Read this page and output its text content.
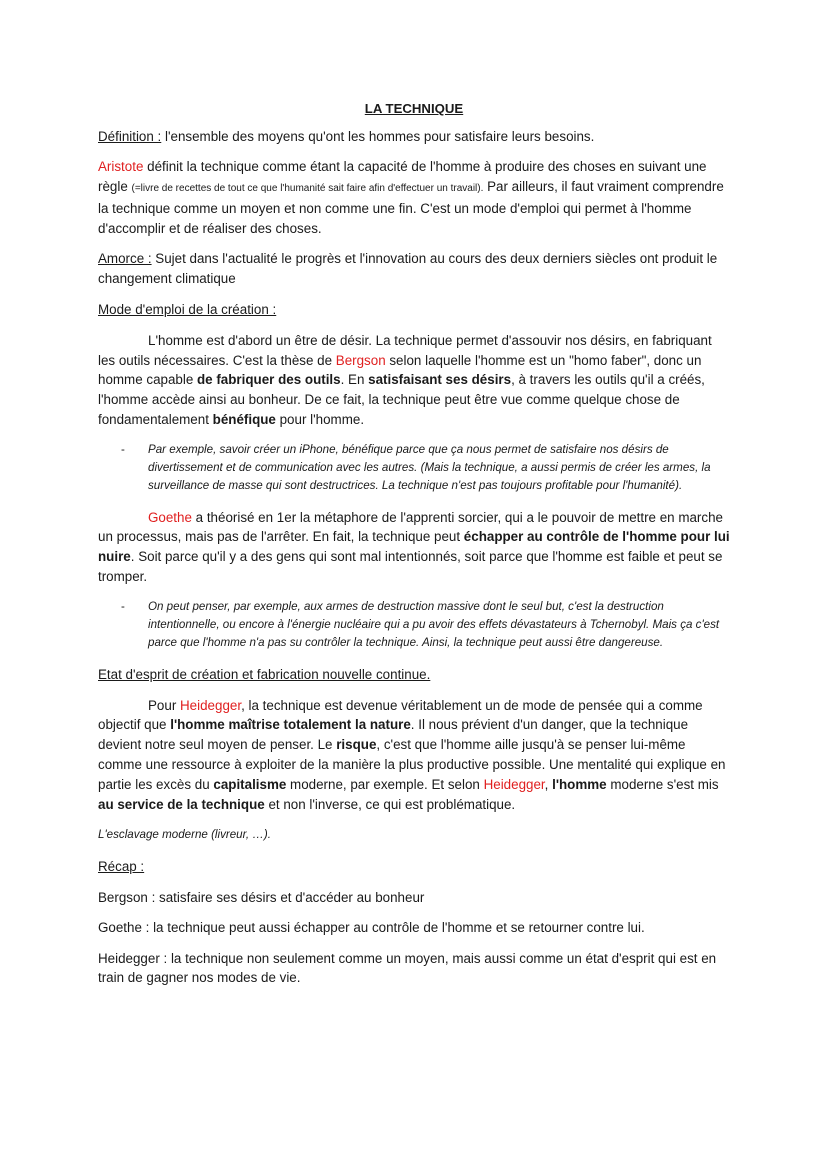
LA TECHNIQUE

Définition : l'ensemble des moyens qu'ont les hommes pour satisfaire leurs besoins.

Aristote définit la technique comme étant la capacité de l'homme à produire des choses en suivant une règle (=livre de recettes de tout ce que l'humanité sait faire afin d'effectuer un travail). Par ailleurs, il faut vraiment comprendre la technique comme un moyen et non comme une fin. C'est un mode d'emploi qui permet à l'homme d'accomplir et de réaliser des choses.

Amorce : Sujet dans l'actualité le progrès et l'innovation au cours des deux derniers siècles ont produit le changement climatique

Mode d'emploi de la création :

L'homme est d'abord un être de désir. La technique permet d'assouvir nos désirs, en fabriquant les outils nécessaires. C'est la thèse de Bergson selon laquelle l'homme est un "homo faber", donc un homme capable de fabriquer des outils. En satisfaisant ses désirs, à travers les outils qu'il a créés, l'homme accède ainsi au bonheur. De ce fait, la technique peut être vue comme quelque chose de fondamentalement bénéfique pour l'homme.

-	Par exemple, savoir créer un iPhone, bénéfique parce que ça nous permet de satisfaire nos désirs de divertissement et de communication avec les autres. (Mais la technique, a aussi permis de créer les armes, la surveillance de masse qui sont destructrices. La technique n'est pas toujours profitable pour l'humanité).

Goethe a théorisé en 1er la métaphore de l'apprenti sorcier, qui a le pouvoir de mettre en marche un processus, mais pas de l'arrêter. En fait, la technique peut échapper au contrôle de l'homme pour lui nuire. Soit parce qu'il y a des gens qui sont mal intentionnés, soit parce que l'homme est faible et peut se tromper.

-	On peut penser, par exemple, aux armes de destruction massive dont le seul but, c'est la destruction intentionnelle, ou encore à l'énergie nucléaire qui a pu avoir des effets dévastateurs à Tchernobyl. Mais ça c'est parce que l'homme n'a pas su contrôler la technique. Ainsi, la technique peut aussi être dangereuse.

Etat d'esprit de création et fabrication nouvelle continue.

Pour Heidegger, la technique est devenue véritablement un de mode de pensée qui a comme objectif que l'homme maîtrise totalement la nature. Il nous prévient d'un danger, que la technique devient notre seul moyen de penser. Le risque, c'est que l'homme aille jusqu'à se penser lui-même comme une ressource à exploiter de la manière la plus productive possible. Une mentalité qui explique en partie les excès du capitalisme moderne, par exemple. Et selon Heidegger, l'homme moderne s'est mis au service de la technique et non l'inverse, ce qui est problématique.

L'esclavage moderne (livreur, …).

Récap :

Bergson : satisfaire ses désirs et d'accéder au bonheur

Goethe : la technique peut aussi échapper au contrôle de l'homme et se retourner contre lui.

Heidegger : la technique non seulement comme un moyen, mais aussi comme un état d'esprit qui est en train de gagner nos modes de vie.
